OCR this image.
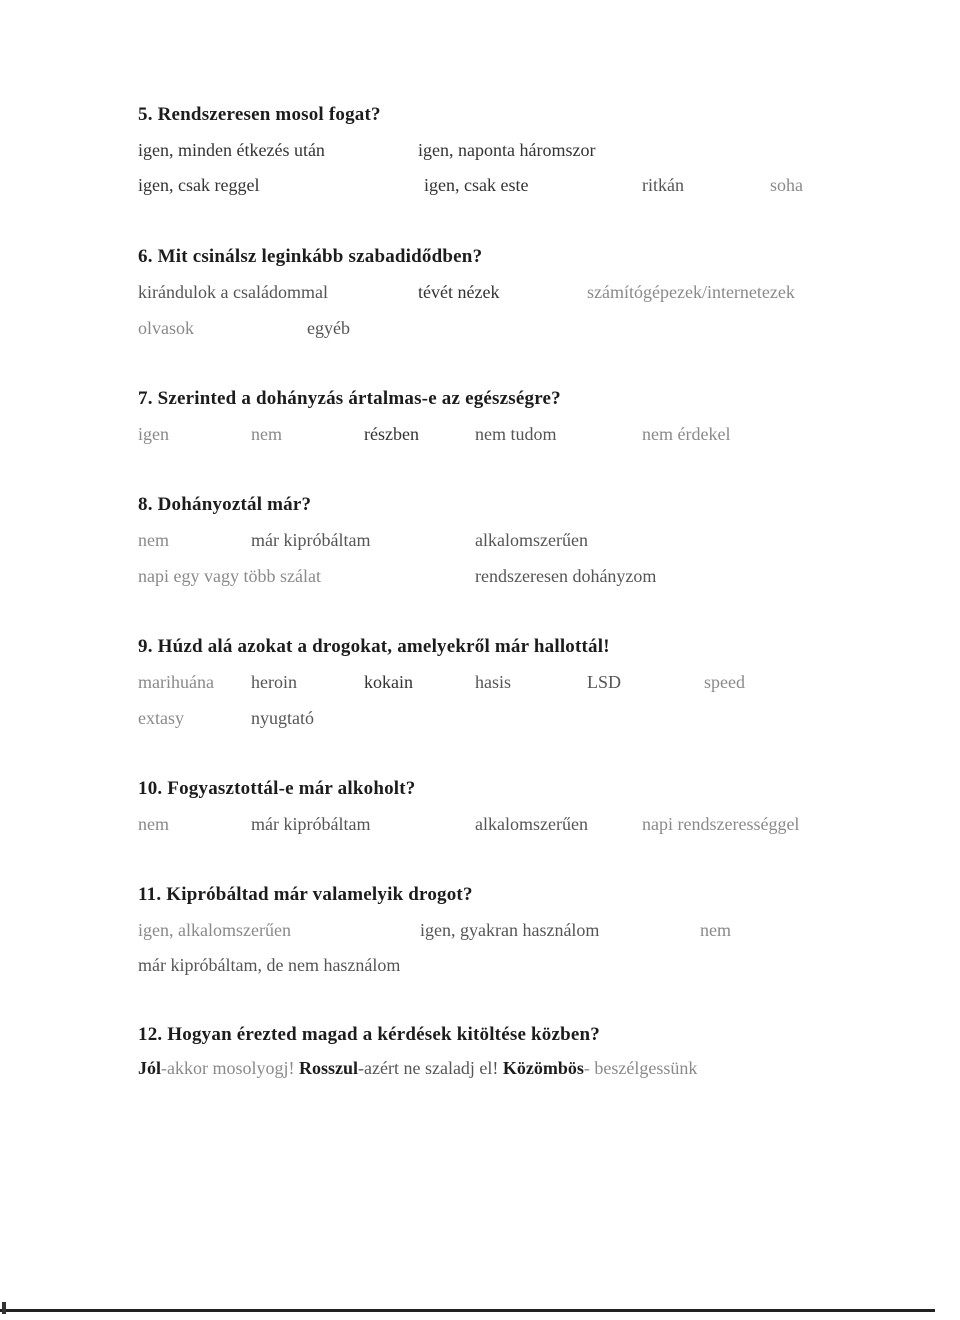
5. Rendszeresen mosol fogat?
igen, minden étkezés után	igen, naponta háromszor
igen, csak reggel	igen, csak este	ritkán	soha
6. Mit csinálsz leginkább szabadidődben?
kirándulok a családommal	tévét nézek	számítógépezek/internetezek
olvasok	egyéb
7. Szerinted a dohányzás ártalmas-e az egészségre?
igen	nem	részben	nem tudom	nem érdekel
8. Dohányoztál már?
nem	már kipróbáltam	alkalomszerűen
napi egy vagy több szálat	rendszeresen dohányzom
9. Húzd alá azokat a drogokat, amelyekről már hallottál!
marihuána heroin	kokain	hasis	LSD	speed
extasy	nyugtató
10. Fogyasztottál-e már alkoholt?
nem	már kipróbáltam	alkalomszerűen	napi rendszerességgel
11. Kipróbáltad már valamelyik drogot?
igen, alkalomszerűen	igen, gyakran használom	nem
már kipróbáltam, de nem használom
12. Hogyan érezted magad a kérdések kitöltése közben?
Jól-akkor mosolyogj! Rosszul-azért ne szaladj el! Közömbös- beszélgessünk
